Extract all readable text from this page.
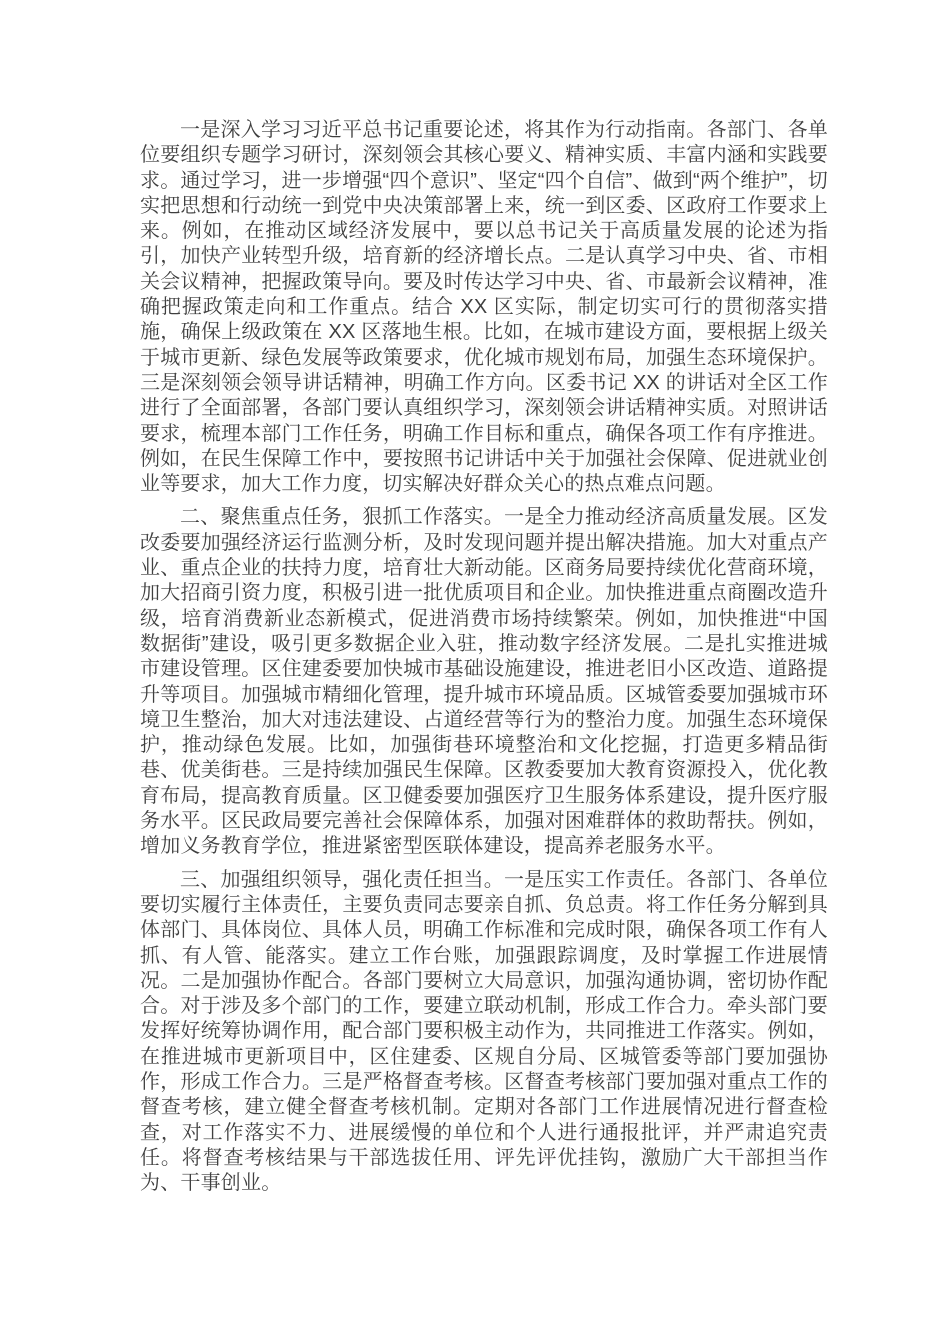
一是深入学习习近平总书记重要论述，将其作为行动指南。各部门、各单位要组织专题学习研讨，深刻领会其核心要义、精神实质、丰富内涵和实践要求。通过学习，进一步增强“四个意识”、坚定“四个自信”、做到“两个维护”，切实把思想和行动统一到党中央决策部署上来，统一到区委、区政府工作要求上来。例如，在推动区域经济发展中，要以总书记关于高质量发展的论述为指引，加快产业转型升级，培育新的经济增长点。二是认真学习中央、省、市相关会议精神，把握政策导向。要及时传达学习中央、省、市最新会议精神，准确把握政策走向和工作重点。结合 XX 区实际，制定切实可行的贯彻落实措施，确保上级政策在 XX 区落地生根。比如，在城市建设方面，要根据上级关于城市更新、绿色发展等政策要求，优化城市规划布局，加强生态环境保护。三是深刻领会领导讲话精神，明确工作方向。区委书记 XX 的讲话对全区工作进行了全面部署，各部门要认真组织学习，深刻领会讲话精神实质。对照讲话要求，梳理本部门工作任务，明确工作目标和重点，确保各项工作有序推进。例如，在民生保障工作中，要按照书记讲话中关于加强社会保障、促进就业创业等要求，加大工作力度，切实解决好群众关心的热点难点问题。

二、聚焦重点任务，狠抓工作落实。一是全力推动经济高质量发展。区发改委要加强经济运行监测分析，及时发现问题并提出解决措施。加大对重点产业、重点企业的扶持力度，培育壮大新动能。区商务局要持续优化营商环境，加大招商引资力度，积极引进一批优质项目和企业。加快推进重点商圈改造升级，培育消费新业态新模式，促进消费市场持续繁荣。例如，加快推进“中国数据街”建设，吸引更多数据企业入驻，推动数字经济发展。二是扎实推进城市建设管理。区住建委要加快城市基础设施建设，推进老旧小区改造、道路提升等项目。加强城市精细化管理，提升城市环境品质。区城管委要加强城市环境卫生整治，加大对违法建设、占道经营等行为的整治力度。加强生态环境保护，推动绿色发展。比如，加强街巷环境整治和文化挖掘，打造更多精品街巷、优美街巷。三是持续加强民生保障。区教委要加大教育资源投入，优化教育布局，提高教育质量。区卫健委要加强医疗卫生服务体系建设，提升医疗服务水平。区民政局要完善社会保障体系，加强对困难群体的救助帮扶。例如，增加义务教育学位，推进紧密型医联体建设，提高养老服务水平。

三、加强组织领导，强化责任担当。一是压实工作责任。各部门、各单位要切实履行主体责任，主要负责同志要亲自抓、负总责。将工作任务分解到具体部门、具体岗位、具体人员，明确工作标准和完成时限，确保各项工作有人抓、有人管、能落实。建立工作台账，加强跟踪调度，及时掌握工作进展情况。二是加强协作配合。各部门要树立大局意识，加强沟通协调，密切协作配合。对于涉及多个部门的工作，要建立联动机制，形成工作合力。牵头部门要发挥好统筹协调作用，配合部门要积极主动作为，共同推进工作落实。例如，在推进城市更新项目中，区住建委、区规自分局、区城管委等部门要加强协作，形成工作合力。三是严格督查考核。区督查考核部门要加强对重点工作的督查考核，建立健全督查考核机制。定期对各部门工作进展情况进行督查检查，对工作落实不力、进展缓慢的单位和个人进行通报批评，并严肃追究责任。将督查考核结果与干部选拔任用、评先评优挂钩，激励广大干部担当作为、干事创业。
